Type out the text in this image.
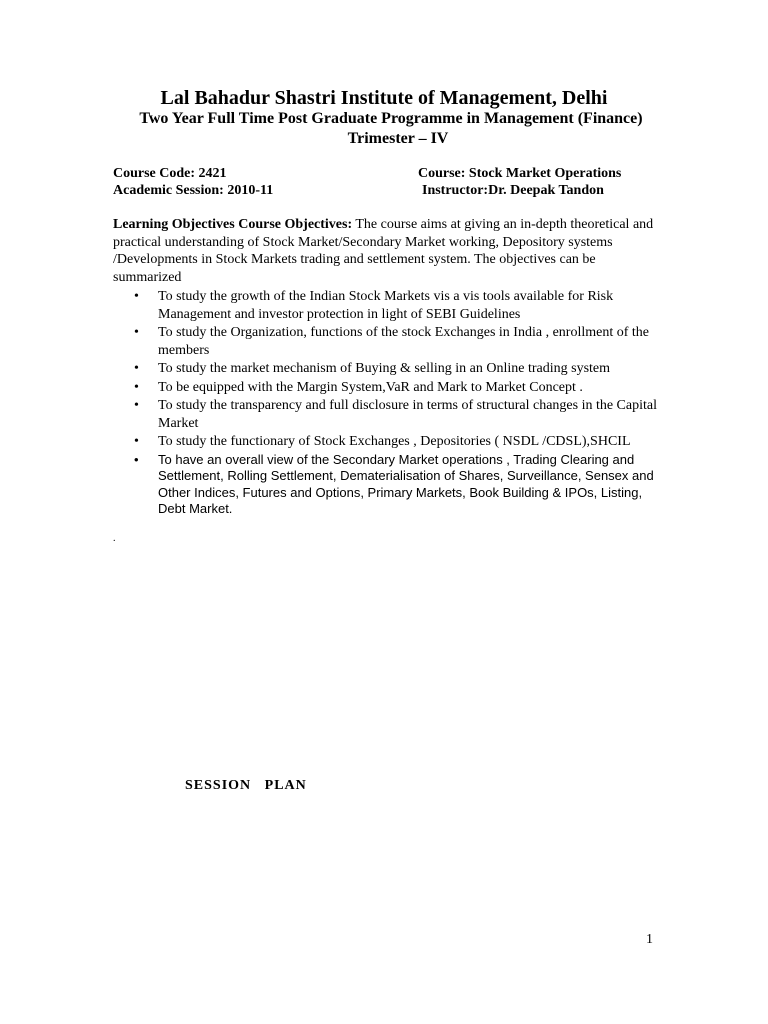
Lal Bahadur Shastri Institute of Management, Delhi
Two Year Full Time Post Graduate Programme in Management (Finance)
Trimester – IV
Course Code: 2421
Academic Session: 2010-11
Course: Stock Market Operations
Instructor:Dr. Deepak Tandon
Learning Objectives Course Objectives: The course aims at giving an in-depth theoretical and practical understanding of Stock Market/Secondary Market working, Depository systems /Developments in Stock Markets trading and settlement system. The objectives can be summarized
• To study the growth of the Indian Stock Markets vis a vis tools available for Risk Management and investor protection in light of SEBI Guidelines
• To study the Organization, functions of the stock Exchanges in India , enrollment of the members
• To study the market mechanism of Buying & selling in an Online trading system
• To be equipped with the Margin System,VaR and Mark to Market Concept .
• To study the transparency and full disclosure in terms of structural changes in the Capital Market
• To study the functionary of Stock Exchanges , Depositories ( NSDL /CDSL),SHCIL
• To have an overall view of the Secondary Market operations , Trading Clearing and Settlement, Rolling Settlement, Dematerialisation of Shares, Surveillance, Sensex and Other Indices, Futures and Options, Primary Markets, Book Building & IPOs, Listing, Debt Market.
.
SESSION   PLAN
1
